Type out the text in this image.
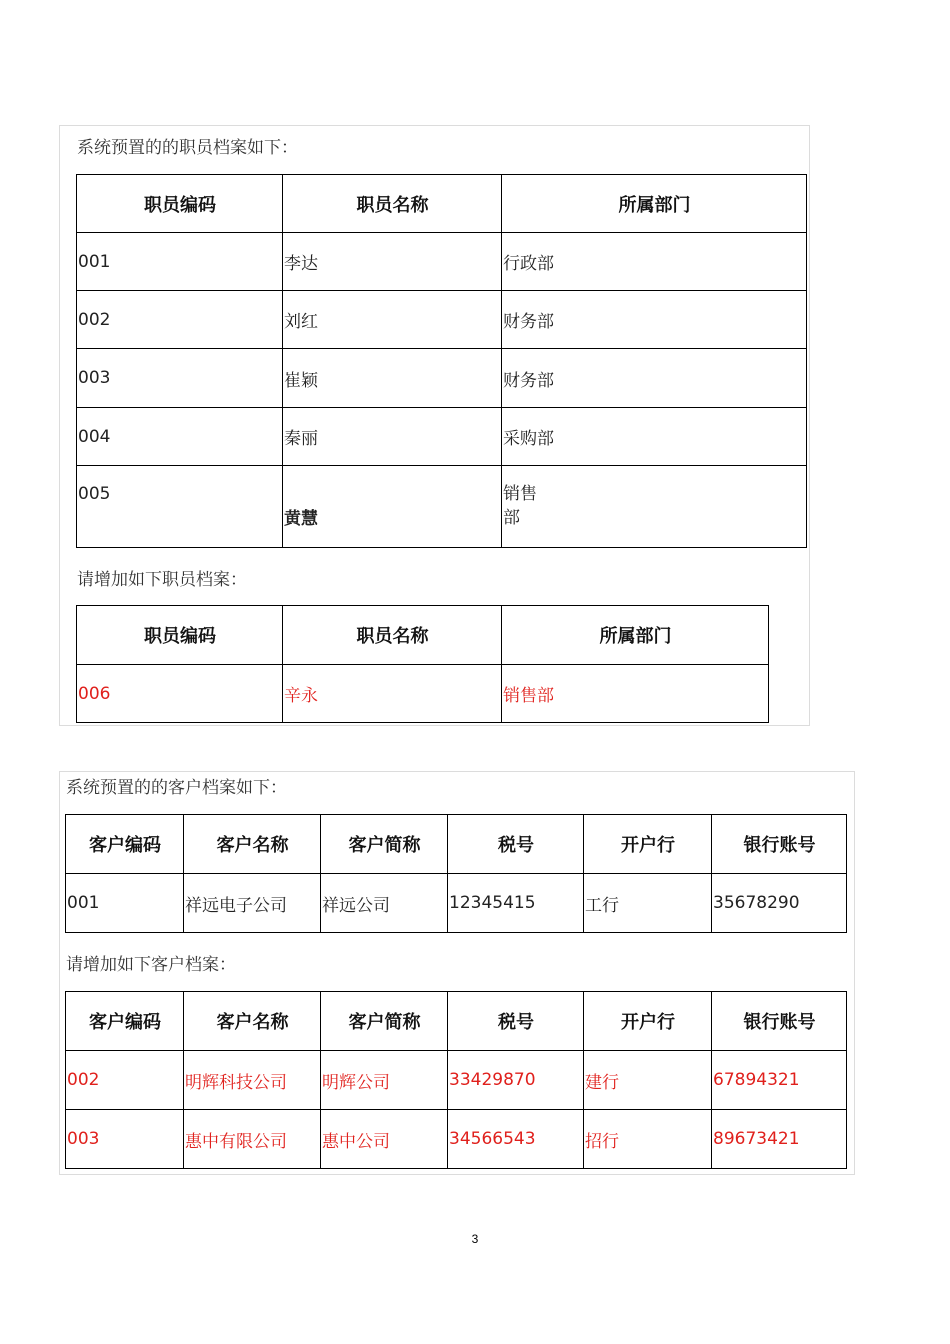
系统预置的的职员档案如下：
职员编码	职员名称	所属部门
001	李达	行政部
002	刘红	财务部
003	崔颖	财务部
004	秦丽	采购部
005	黄慧	销售
部
请增加如下职员档案：
职员编码	职员名称	所属部门
006	辛永	销售部
系统预置的的客户档案如下：
客户编码	客户名称	客户简称	税号	开户行	银行账号
001	祥远电子公司	祥远公司	12345415	工行	35678290
请增加如下客户档案：
客户编码	客户名称	客户简称	税号	开户行	银行账号
002	明辉科技公司	明辉公司	33429870	建行	67894321
003	惠中有限公司	惠中公司	34566543	招行	89673421
3
